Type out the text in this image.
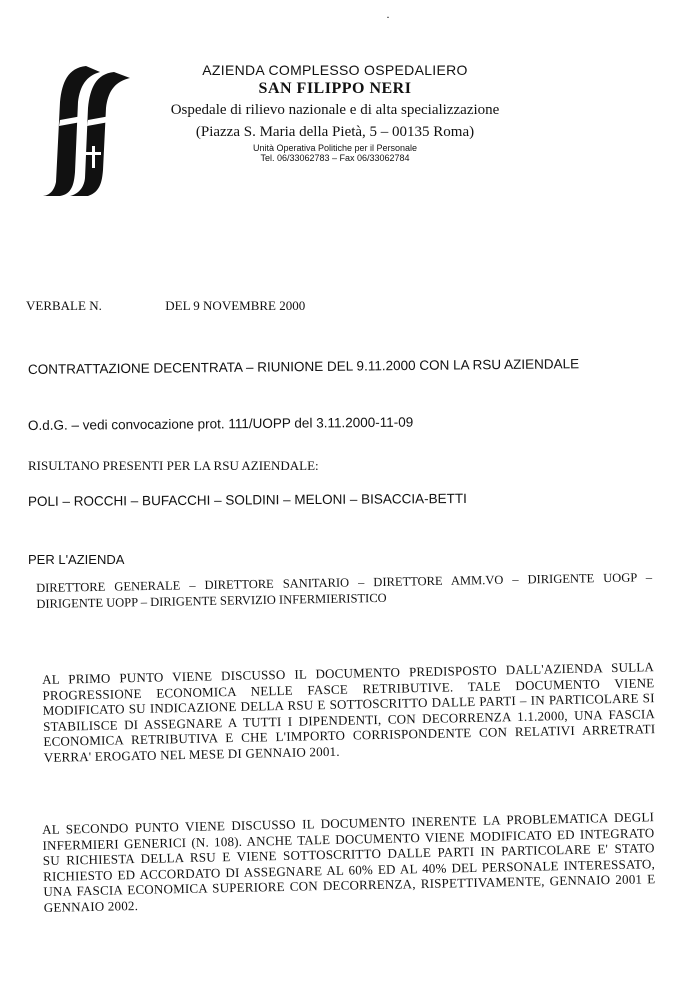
·
AZIENDA COMPLESSO OSPEDALIERO
SAN FILIPPO NERI
Ospedale di rilievo nazionale e di alta specializzazione
(Piazza S. Maria della Pietà, 5 – 00135 Roma)
Unità Operativa Politiche per il Personale
Tel. 06/33062783 – Fax 06/33062784
VERBALE N.	DEL 9 NOVEMBRE 2000
CONTRATTAZIONE DECENTRATA – RIUNIONE DEL 9.11.2000 CON LA RSU AZIENDALE
O.d.G. – vedi convocazione prot. 111/UOPP del 3.11.2000-11-09
RISULTANO PRESENTI PER LA RSU AZIENDALE:
POLI – ROCCHI – BUFACCHI – SOLDINI – MELONI – BISACCIA-BETTI
PER L'AZIENDA
DIRETTORE GENERALE – DIRETTORE SANITARIO – DIRETTORE AMM.VO – DIRIGENTE UOGP – DIRIGENTE UOPP – DIRIGENTE SERVIZIO INFERMIERISTICO
AL PRIMO PUNTO VIENE DISCUSSO IL DOCUMENTO PREDISPOSTO DALL'AZIENDA SULLA PROGRESSIONE ECONOMICA NELLE FASCE RETRIBUTIVE. TALE DOCUMENTO VIENE MODIFICATO SU INDICAZIONE DELLA RSU E SOTTOSCRITTO DALLE PARTI – IN PARTICOLARE SI STABILISCE DI ASSEGNARE A TUTTI I DIPENDENTI, CON DECORRENZA 1.1.2000, UNA FASCIA ECONOMICA RETRIBUTIVA E CHE L'IMPORTO CORRISPONDENTE CON RELATIVI ARRETRATI VERRA' EROGATO NEL MESE DI GENNAIO 2001.
AL SECONDO PUNTO VIENE DISCUSSO IL DOCUMENTO INERENTE LA PROBLEMATICA DEGLI INFERMIERI GENERICI (N. 108). ANCHE TALE DOCUMENTO VIENE MODIFICATO ED INTEGRATO SU RICHIESTA DELLA RSU E VIENE SOTTOSCRITTO DALLE PARTI IN PARTICOLARE E' STATO RICHIESTO ED ACCORDATO DI ASSEGNARE AL 60% ED AL 40% DEL PERSONALE INTERESSATO, UNA FASCIA ECONOMICA SUPERIORE CON DECORRENZA, RISPETTIVAMENTE, GENNAIO 2001 E GENNAIO 2002.
